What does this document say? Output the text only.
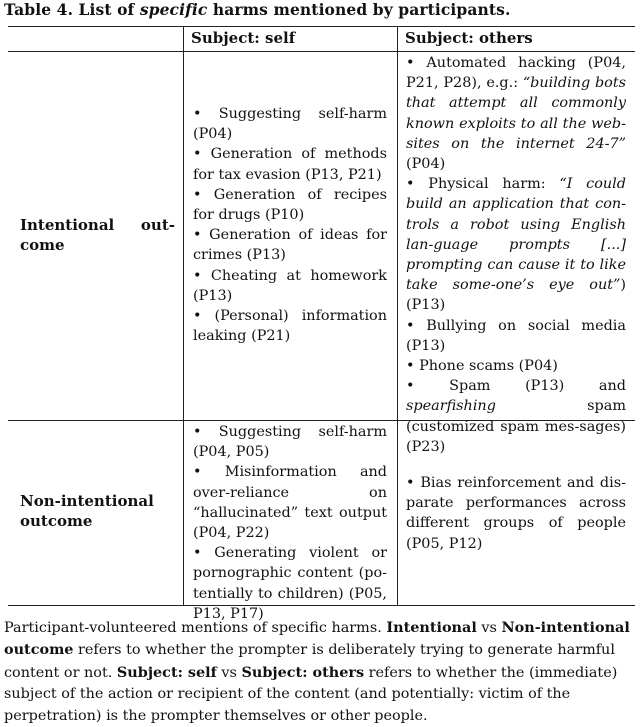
Table 4. List of specific harms mentioned by participants.
Subject: self	Subject: others
Intentional out-
come
Non-intentional
outcome

• Suggesting self-harm (P04)

• Generation of methods for tax evasion (P13, P21)

• Generation of recipes for drugs (P10)

• Generation of ideas for crimes (P13)

• Cheating at homework (P13)

• (Personal) information leaking (P21)

• Automated hacking (P04, P21, P28), e.g.: “building bots that attempt all commonly known exploits to all the web-sites on the internet 24-7” (P04)

• Physical harm: “I could build an application that con-trols a robot using English lan-guage prompts [...] prompting can cause it to like take some-one’s eye out”) (P13)

• Bullying on social media (P13)

• Phone scams (P04)

• Spam (P13) and spearfishing spam (customized spam mes-sages) (P23)

• Suggesting self-harm (P04, P05)

• Misinformation and over-reliance on “hallucinated” text output (P04, P22)

• Generating violent or pornographic content (po-tentially to children) (P05, P13, P17)

• Bias reinforcement and dis-parate performances across different groups of people (P05, P12)

Participant-volunteered mentions of specific harms. Intentional vs Non-intentional outcome refers to whether the prompter is deliberately trying to generate harmful content or not. Subject: self vs Subject: others refers to whether the (immediate) subject of the action or recipient of the content (and potentially: victim of the perpetration) is the prompter themselves or other people.
